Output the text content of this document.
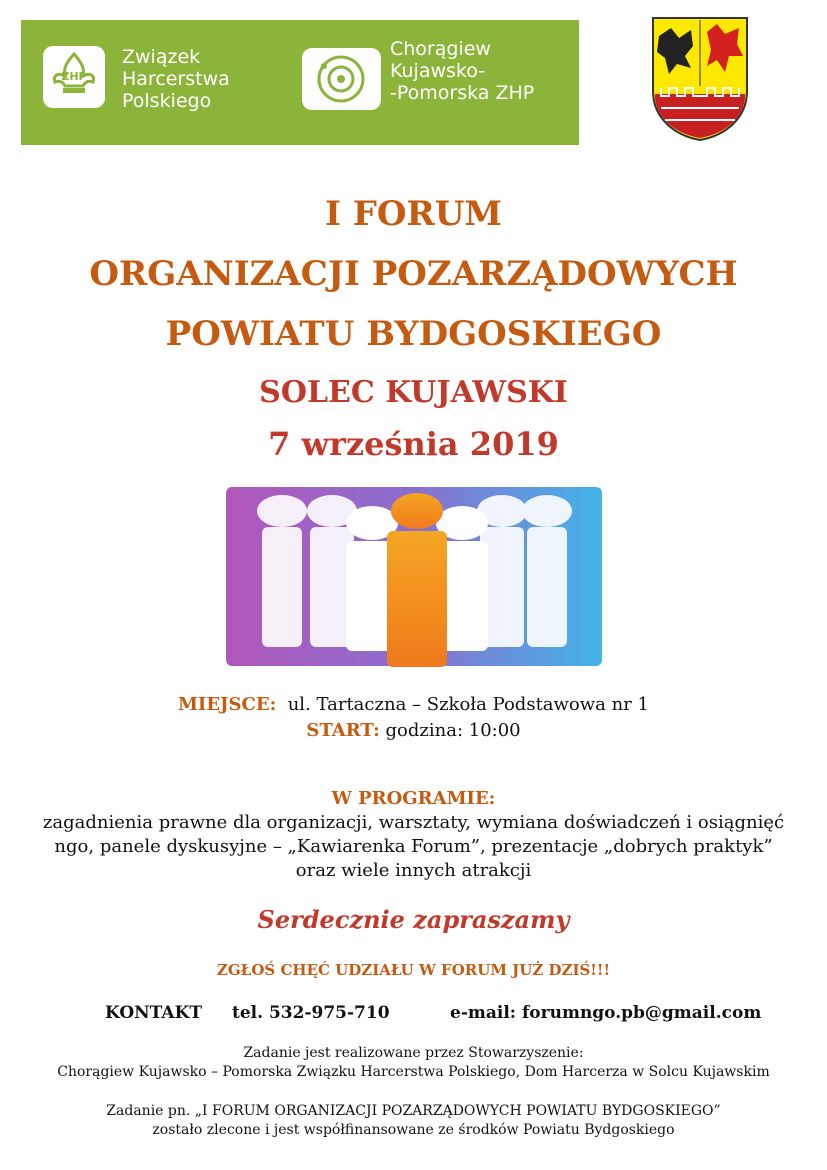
ZHP
Związek
Harcerstwa
Polskiego
Chorągiew
Kujawsko-
-Pomorska ZHP
I FORUM
ORGANIZACJI POZARZĄDOWYCH
POWIATU BYDGOSKIEGO
SOLEC KUJAWSKI
7 września 2019
MIEJSCE: ul. Tartaczna – Szkoła Podstawowa nr 1
START: godzina: 10:00
W PROGRAMIE:
zagadnienia prawne dla organizacji, warsztaty, wymiana doświadczeń i osiągnięć
ngo, panele dyskusyjne – „Kawiarenka Forum”, prezentacje „dobrych praktyk”
oraz wiele innych atrakcji
Serdecznie zapraszamy
ZGŁOŚ CHĘĆ UDZIAŁU W FORUM JUŻ DZIŚ!!!
KONTAKT tel. 532-975-710	e-mail: forumngo.pb@gmail.com
Zadanie jest realizowane przez Stowarzyszenie:
Chorągiew Kujawsko – Pomorska Związku Harcerstwa Polskiego, Dom Harcerza w Solcu Kujawskim
Zadanie pn. „I FORUM ORGANIZACJI POZARZĄDOWYCH POWIATU BYDGOSKIEGO”
zostało zlecone i jest współfinansowane ze środków Powiatu Bydgoskiego
